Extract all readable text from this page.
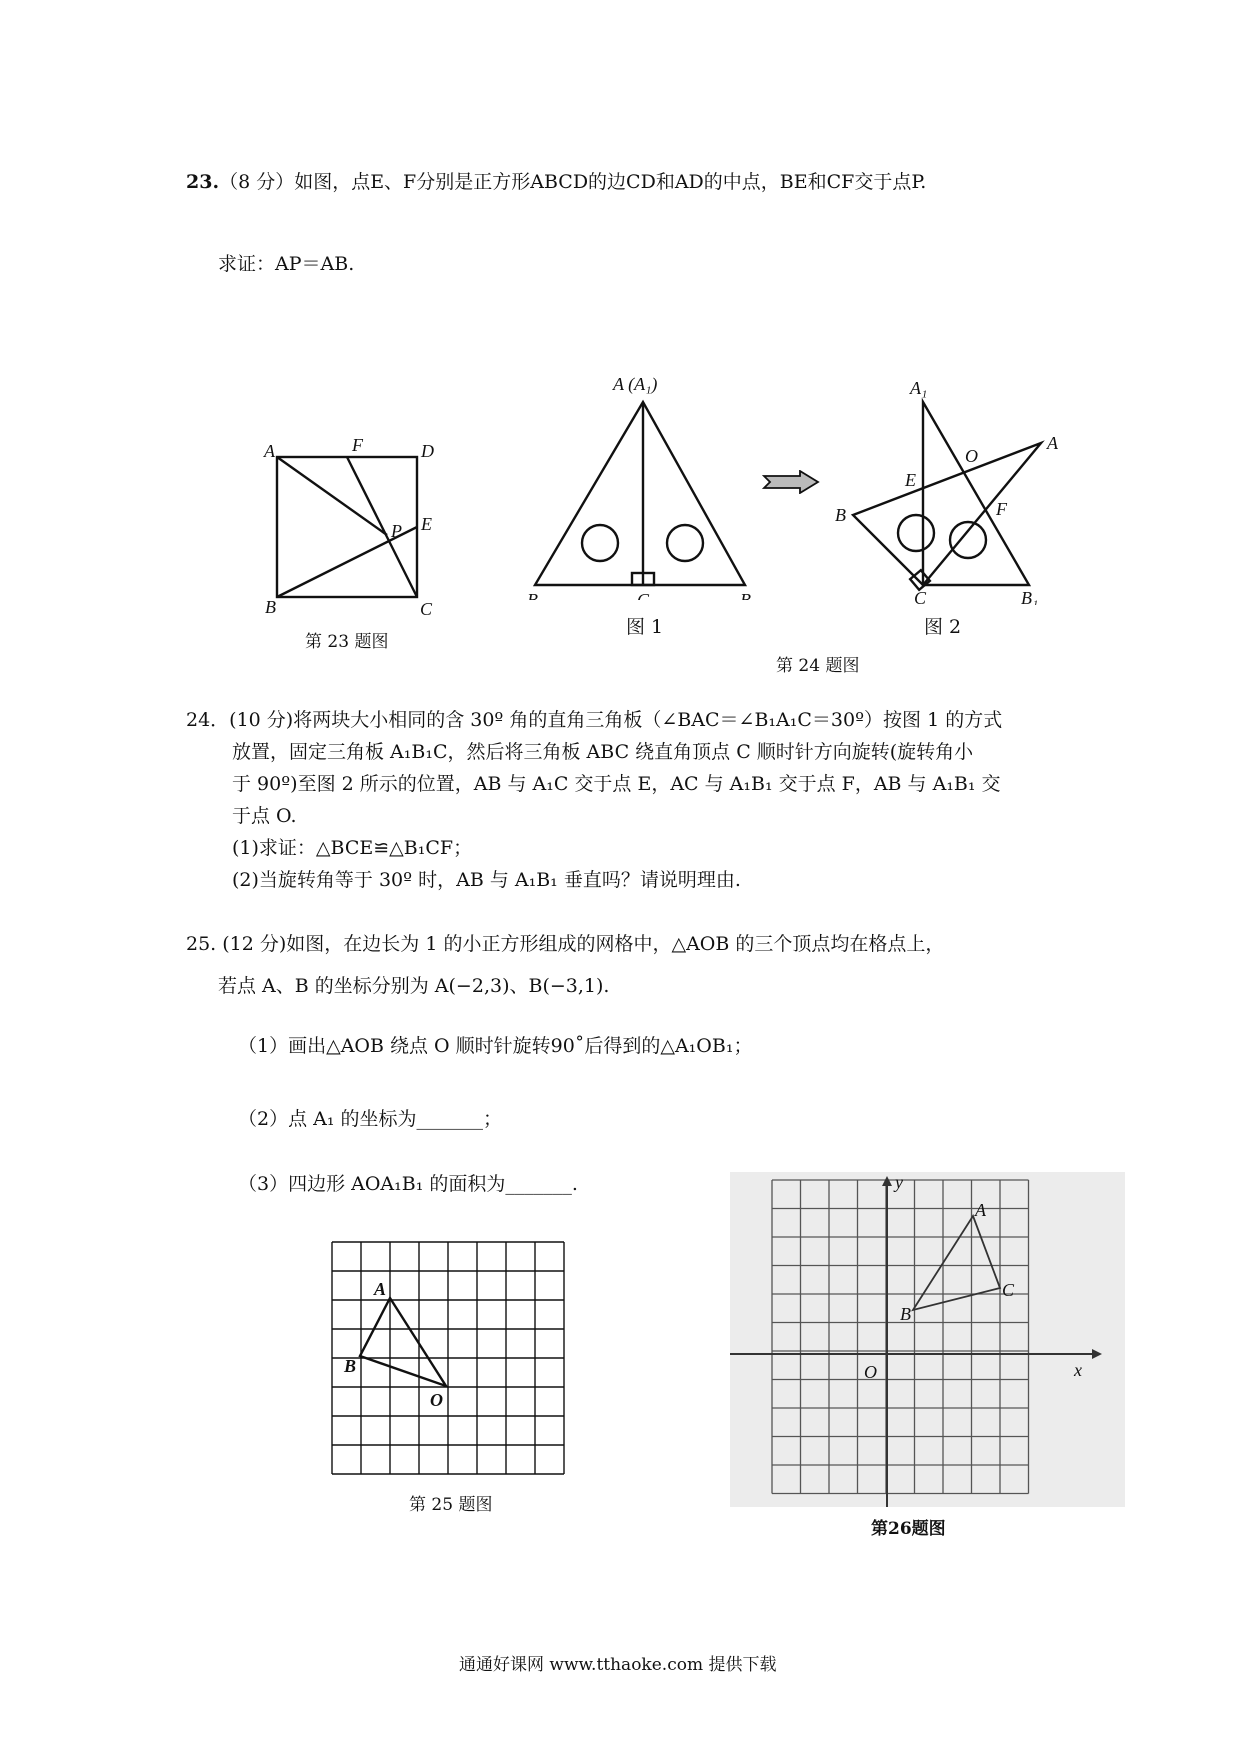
23.（8 分）如图，点E、F分别是正方形ABCD的边CD和AD的中点，BE和CF交于点P.
求证：AP＝AB.
A	F	D
P E
B	C
第 23 题图
A (A₁)
B	C	B₁
图 1
A₁
A
O
E
F
B
C	B₁
图 2
第 24 题图
24．(10 分)将两块大小相同的含 30º 角的直角三角板（∠BAC＝∠B₁A₁C＝30º）按图 1 的方式
放置，固定三角板 A₁B₁C，然后将三角板 ABC 绕直角顶点 C 顺时针方向旋转(旋转角小
于 90º)至图 2 所示的位置，AB 与 A₁C 交于点 E，AC 与 A₁B₁ 交于点 F，AB 与 A₁B₁ 交
于点 O.
(1)求证：△BCE≌△B₁CF；
(2)当旋转角等于 30º 时，AB 与 A₁B₁ 垂直吗？请说明理由.
25. (12 分)如图，在边长为 1 的小正方形组成的网格中，△AOB 的三个顶点均在格点上，
若点 A、B 的坐标分别为 A(−2,3)、B(−3,1).
（1）画出△AOB 绕点 O 顺时针旋转90˚后得到的△A₁OB₁；
（2）点 A₁ 的坐标为_______；
（3）四边形 AOA₁B₁ 的面积为_______.
A
B
O
第 25 题图
y
A
C
B
O	x
第26题图
通通好课网 www.tthaoke.com 提供下载
